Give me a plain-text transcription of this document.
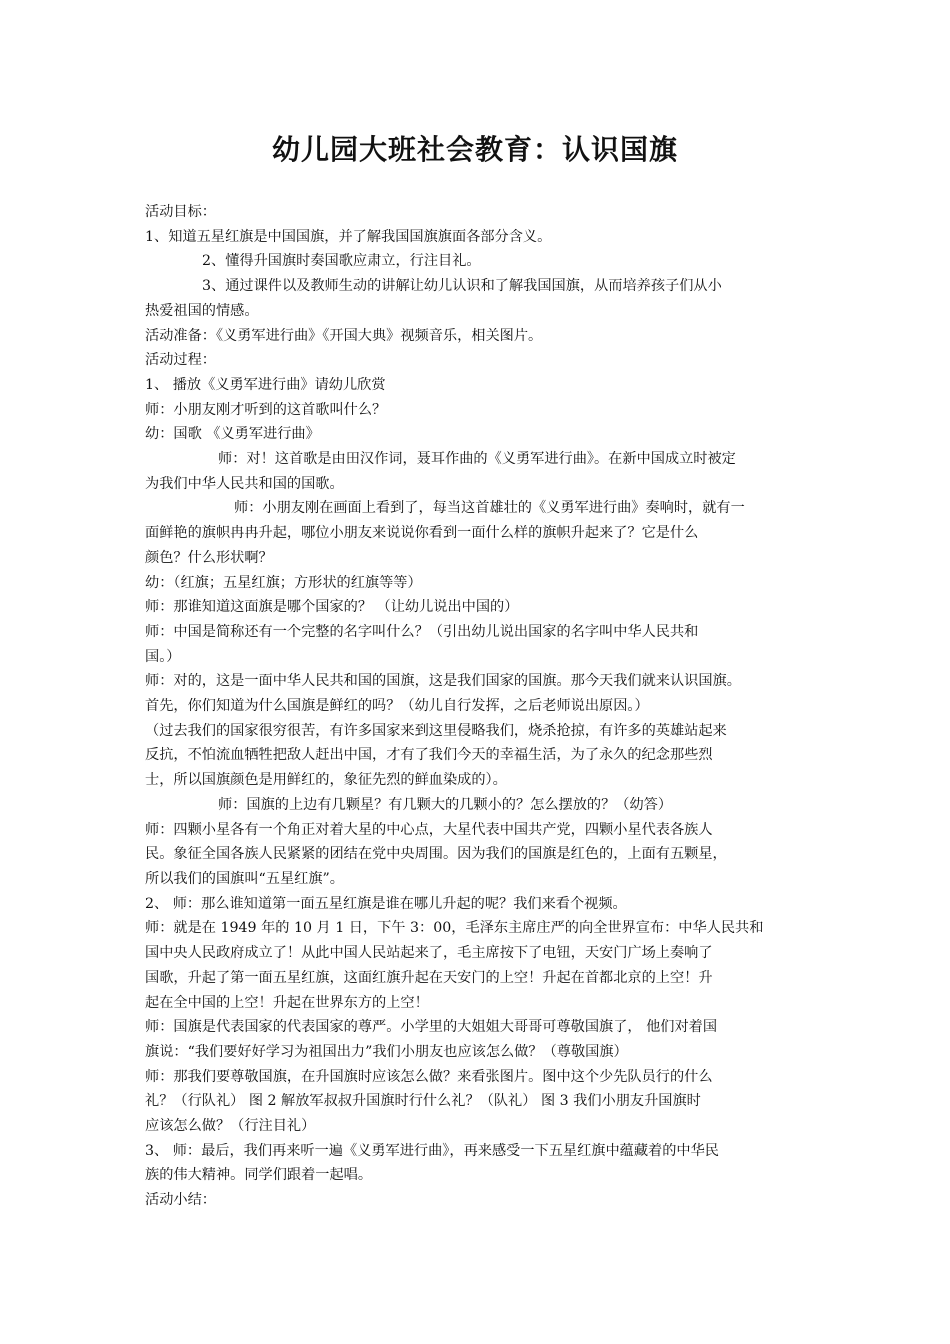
幼儿园大班社会教育：认识国旗

活动目标：

1、知道五星红旗是中国国旗，并了解我国国旗旗面各部分含义。

2、懂得升国旗时奏国歌应肃立，行注目礼。

3、通过课件以及教师生动的讲解让幼儿认识和了解我国国旗，从而培养孩子们从小

热爱祖国的情感。

活动准备：《义勇军进行曲》《开国大典》视频音乐，相关图片。

活动过程：

1、 播放《义勇军进行曲》请幼儿欣赏

师：小朋友刚才听到的这首歌叫什么？

幼：国歌 《义勇军进行曲》

师：对！这首歌是由田汉作词，聂耳作曲的《义勇军进行曲》。在新中国成立时被定

为我们中华人民共和国的国歌。

师：小朋友刚在画面上看到了，每当这首雄壮的《义勇军进行曲》奏响时，就有一

面鲜艳的旗帜冉冉升起，哪位小朋友来说说你看到一面什么样的旗帜升起来了？它是什么

颜色？什么形状啊？

幼：（红旗；五星红旗；方形状的红旗等等）

师：那谁知道这面旗是哪个国家的？ （让幼儿说出中国的）

师：中国是简称还有一个完整的名字叫什么？（引出幼儿说出国家的名字叫中华人民共和

国。）

师：对的，这是一面中华人民共和国的国旗，这是我们国家的国旗。那今天我们就来认识国旗。

首先，你们知道为什么国旗是鲜红的吗？（幼儿自行发挥，之后老师说出原因。）

（过去我们的国家很穷很苦，有许多国家来到这里侵略我们，烧杀抢掠，有许多的英雄站起来

反抗，不怕流血牺牲把敌人赶出中国，才有了我们今天的幸福生活，为了永久的纪念那些烈

士，所以国旗颜色是用鲜红的，象征先烈的鲜血染成的）。

师：国旗的上边有几颗星？有几颗大的几颗小的？怎么摆放的？（幼答）

师：四颗小星各有一个角正对着大星的中心点，大星代表中国共产党，四颗小星代表各族人

民。象征全国各族人民紧紧的团结在党中央周围。因为我们的国旗是红色的，上面有五颗星，

所以我们的国旗叫“五星红旗”。

2、 师：那么谁知道第一面五星红旗是谁在哪儿升起的呢？我们来看个视频。

师：就是在 1949 年的 10 月 1 日，下午 3：00，毛泽东主席庄严的向全世界宣布：中华人民共和

国中央人民政府成立了！从此中国人民站起来了，毛主席按下了电钮，天安门广场上奏响了

国歌，升起了第一面五星红旗，这面红旗升起在天安门的上空！升起在首都北京的上空！升

起在全中国的上空！升起在世界东方的上空！

师：国旗是代表国家的代表国家的尊严。小学里的大姐姐大哥哥可尊敬国旗了， 他们对着国

旗说：“我们要好好学习为祖国出力”我们小朋友也应该怎么做？（尊敬国旗）

师：那我们要尊敬国旗，在升国旗时应该怎么做？来看张图片。图中这个少先队员行的什么

礼？（行队礼） 图 2 解放军叔叔升国旗时行什么礼？（队礼） 图 3 我们小朋友升国旗时

应该怎么做？（行注目礼）

3、 师：最后，我们再来听一遍《义勇军进行曲》，再来感受一下五星红旗中蕴藏着的中华民

族的伟大精神。同学们跟着一起唱。

活动小结：
